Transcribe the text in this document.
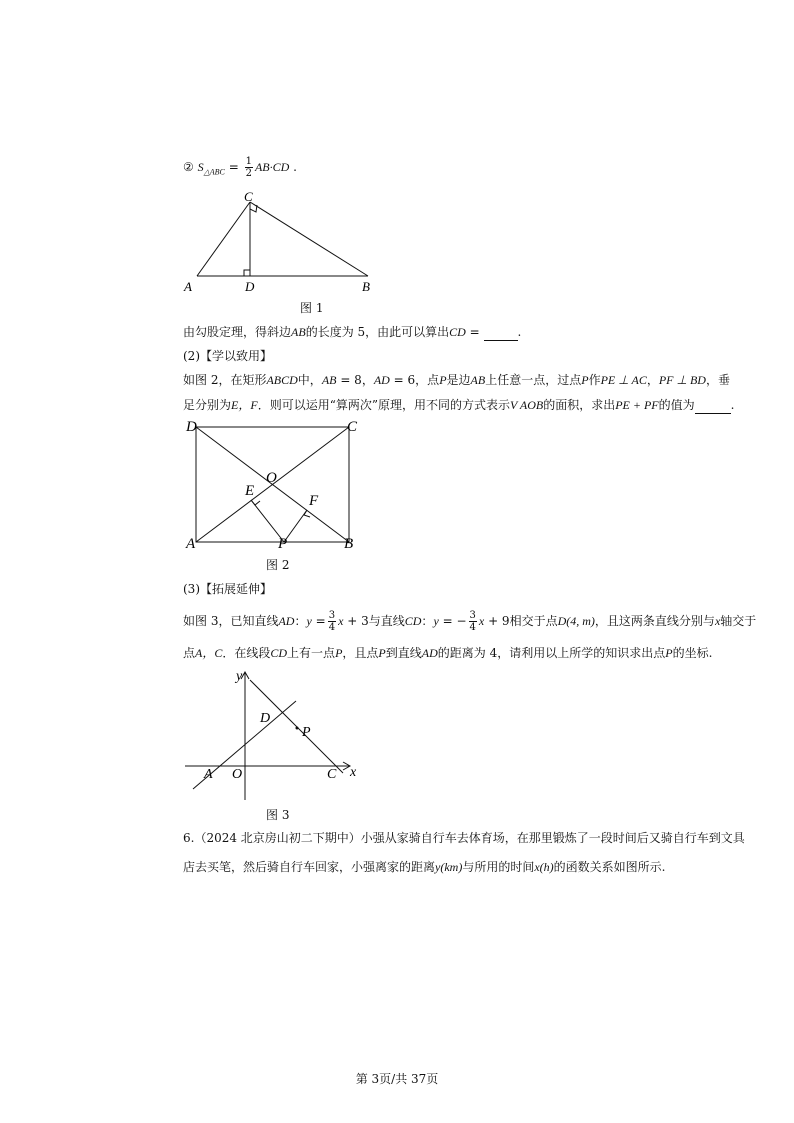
② $S_{\triangle ABC} = \frac{1}{2} AB\cdot CD$ .
C
A	D	B
图 1
由勾股定理，得斜边AB的长度为 5，由此可以算出CD =	.
(2)【学以致用】
如图 2，在矩形ABCD中，AB = 8，AD = 6，点P是边AB上任意一点，过点P作PE ⊥ AC，PF ⊥ BD，垂
足分别为E，F．则可以运用“算两次”原理，用不同的方式表示V AOB的面积，求出PE + PF的值为	.
D	C
O
E
F
A	P	B
图 2
(3)【拓展延伸】
如图 3，已知直线AD：$y = \frac{3}{4}$ x + 3与直线CD：y = − $\frac{3}{4}$ x + 9相交于点D(4, m)，且这两条直线分别与x轴交于
点A，C．在线段CD上有一点P，且点P到直线AD的距离为 4，请利用以上所学的知识求出点P的坐标.
y
D
P
A O	C x
图 3
6.（2024 北京房山初二下期中）小强从家骑自行车去体育场，在那里锻炼了一段时间后又骑自行车到文具
店去买笔，然后骑自行车回家，小强离家的距离y(km)与所用的时间x(h)的函数关系如图所示.
第 3页/共 37页
